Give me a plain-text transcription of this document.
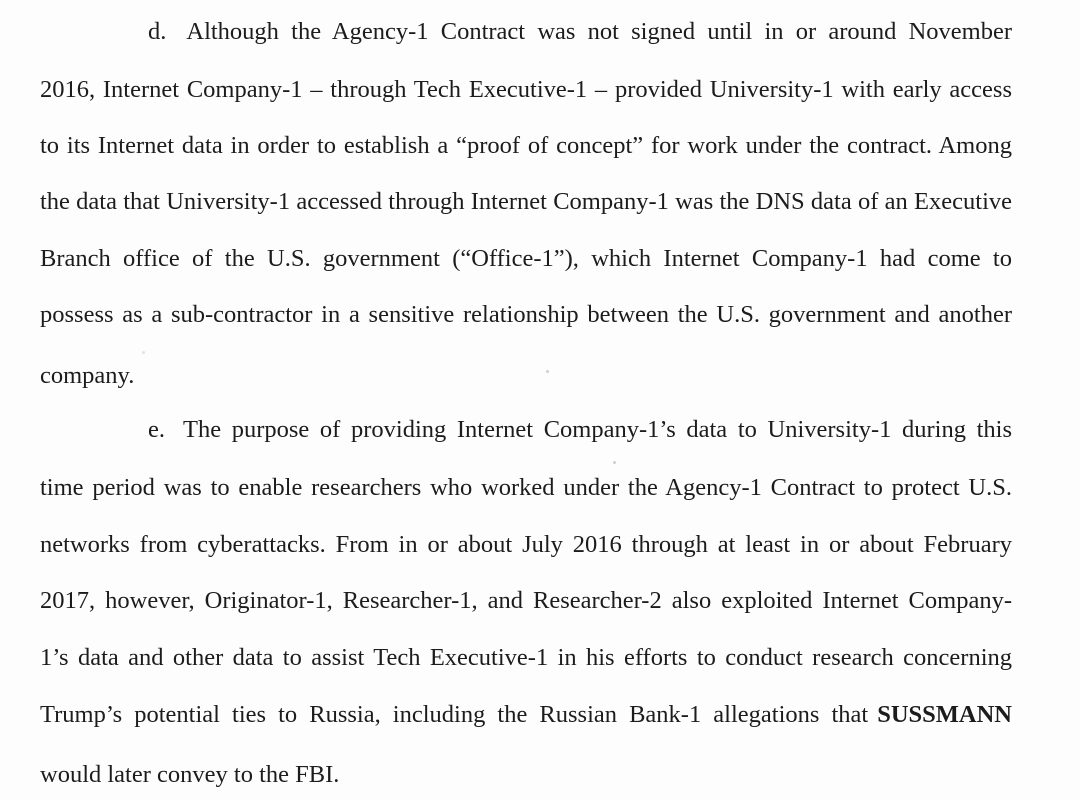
d. Although the Agency-1 Contract was not signed until in or around November
2016, Internet Company-1 – through Tech Executive-1 – provided University-1 with early access
to its Internet data in order to establish a “proof of concept” for work under the contract. Among
the data that University-1 accessed through Internet Company-1 was the DNS data of an Executive
Branch office of the U.S. government (“Office-1”), which Internet Company-1 had come to
possess as a sub-contractor in a sensitive relationship between the U.S. government and another
company.
e. The purpose of providing Internet Company-1’s data to University-1 during this
time period was to enable researchers who worked under the Agency-1 Contract to protect U.S.
networks from cyberattacks. From in or about July 2016 through at least in or about February
2017, however, Originator-1, Researcher-1, and Researcher-2 also exploited Internet Company-
1’s data and other data to assist Tech Executive-1 in his efforts to conduct research concerning
Trump’s potential ties to Russia, including the Russian Bank-1 allegations that SUSSMANN
would later convey to the FBI.
